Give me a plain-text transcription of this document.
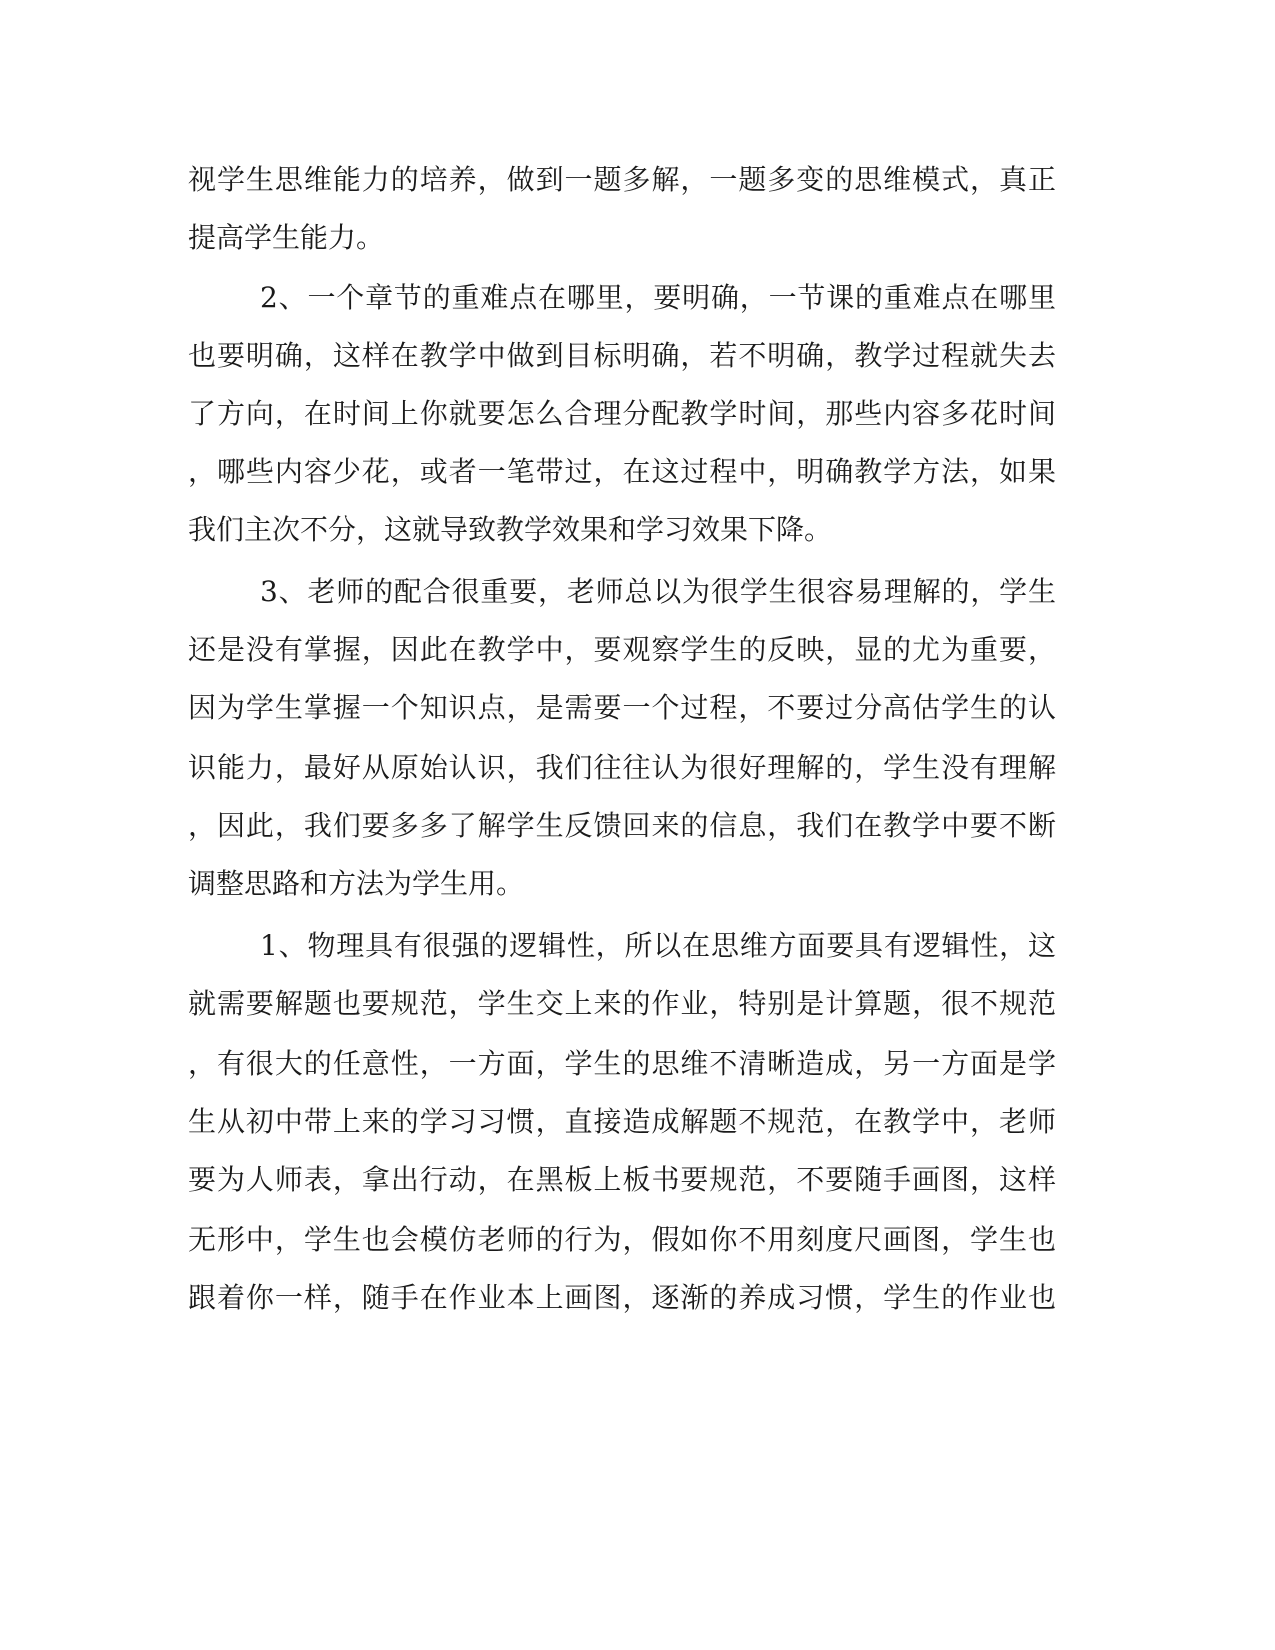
视学生思维能力的培养，做到一题多解，一题多变的思维模式，真正
提高学生能力。
2、一个章节的重难点在哪里，要明确，一节课的重难点在哪里
也要明确，这样在教学中做到目标明确，若不明确，教学过程就失去
了方向，在时间上你就要怎么合理分配教学时间，那些内容多花时间
，哪些内容少花，或者一笔带过，在这过程中，明确教学方法，如果
我们主次不分，这就导致教学效果和学习效果下降。
3、老师的配合很重要，老师总以为很学生很容易理解的，学生
还是没有掌握，因此在教学中，要观察学生的反映，显的尤为重要，
因为学生掌握一个知识点，是需要一个过程，不要过分高估学生的认
识能力，最好从原始认识，我们往往认为很好理解的，学生没有理解
，因此，我们要多多了解学生反馈回来的信息，我们在教学中要不断
调整思路和方法为学生用。
1、物理具有很强的逻辑性，所以在思维方面要具有逻辑性，这
就需要解题也要规范，学生交上来的作业，特别是计算题，很不规范
，有很大的任意性，一方面，学生的思维不清晰造成，另一方面是学
生从初中带上来的学习习惯，直接造成解题不规范，在教学中，老师
要为人师表，拿出行动，在黑板上板书要规范，不要随手画图，这样
无形中，学生也会模仿老师的行为，假如你不用刻度尺画图，学生也
跟着你一样，随手在作业本上画图，逐渐的养成习惯，学生的作业也
